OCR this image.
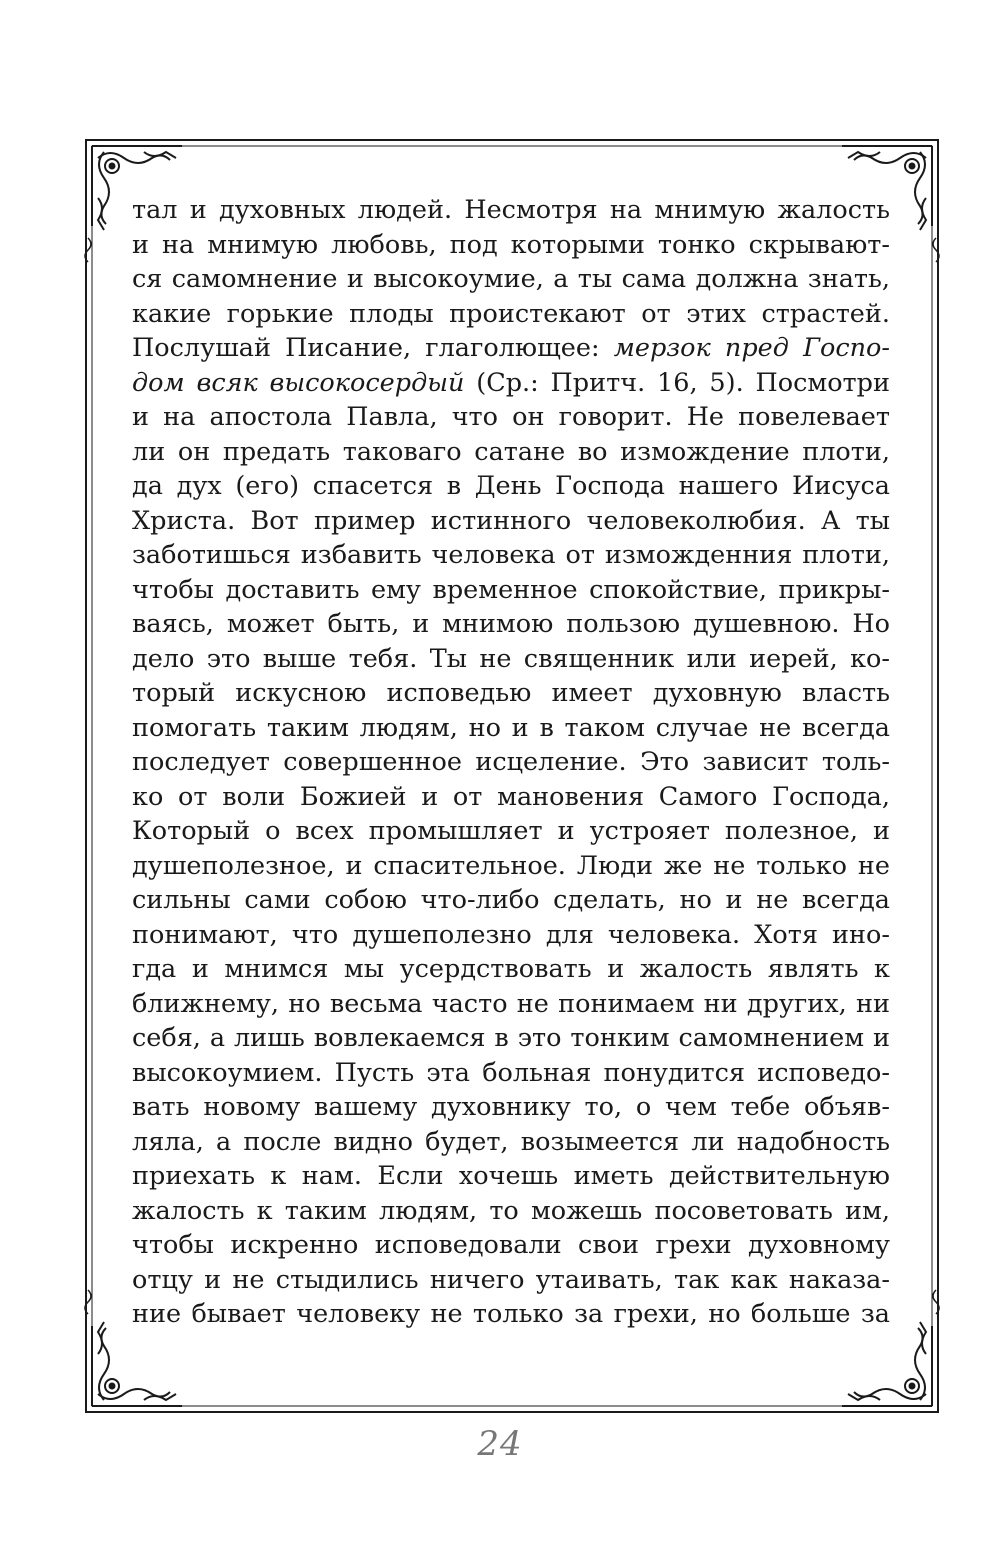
тал и духовных людей. Несмотря на мнимую жалость
и на мнимую любовь, под которыми тонко скрывают-
ся самомнение и высокоумие, а ты сама должна знать,
какие горькие плоды проистекают от этих страстей.
Послушай Писание, глаголющее: мерзок пред Госпо-
дом всяк высокосердый (Ср.: Притч. 16, 5). Посмотри
и на апостола Павла, что он говорит. Не повелевает
ли он предать таковаго сатане во измождение плоти,
да дух (его) спасется в День Господа нашего Иисуса
Христа. Вот пример истинного человеколюбия. А ты
заботишься избавить человека от изможденния плоти,
чтобы доставить ему временное спокойствие, прикры-
ваясь, может быть, и мнимою пользою душевною. Но
дело это выше тебя. Ты не священник или иерей, ко-
торый искусною исповедью имеет духовную власть
помогать таким людям, но и в таком случае не всегда
последует совершенное исцеление. Это зависит толь-
ко от воли Божией и от мановения Самого Господа,
Который о всех промышляет и устрояет полезное, и
душеполезное, и спасительное. Люди же не только не
сильны сами собою что-либо сделать, но и не всегда
понимают, что душеполезно для человека. Хотя ино-
гда и мнимся мы усердствовать и жалость являть к
ближнему, но весьма часто не понимаем ни других, ни
себя, а лишь вовлекаемся в это тонким самомнением и
высокоумием. Пусть эта больная понудится исповедо-
вать новому вашему духовнику то, о чем тебе объяв-
ляла, а после видно будет, возымеется ли надобность
приехать к нам. Если хочешь иметь действительную
жалость к таким людям, то можешь посоветовать им,
чтобы искренно исповедовали свои грехи духовному
отцу и не стыдились ничего утаивать, так как наказа-
ние бывает человеку не только за грехи, но больше за
24
